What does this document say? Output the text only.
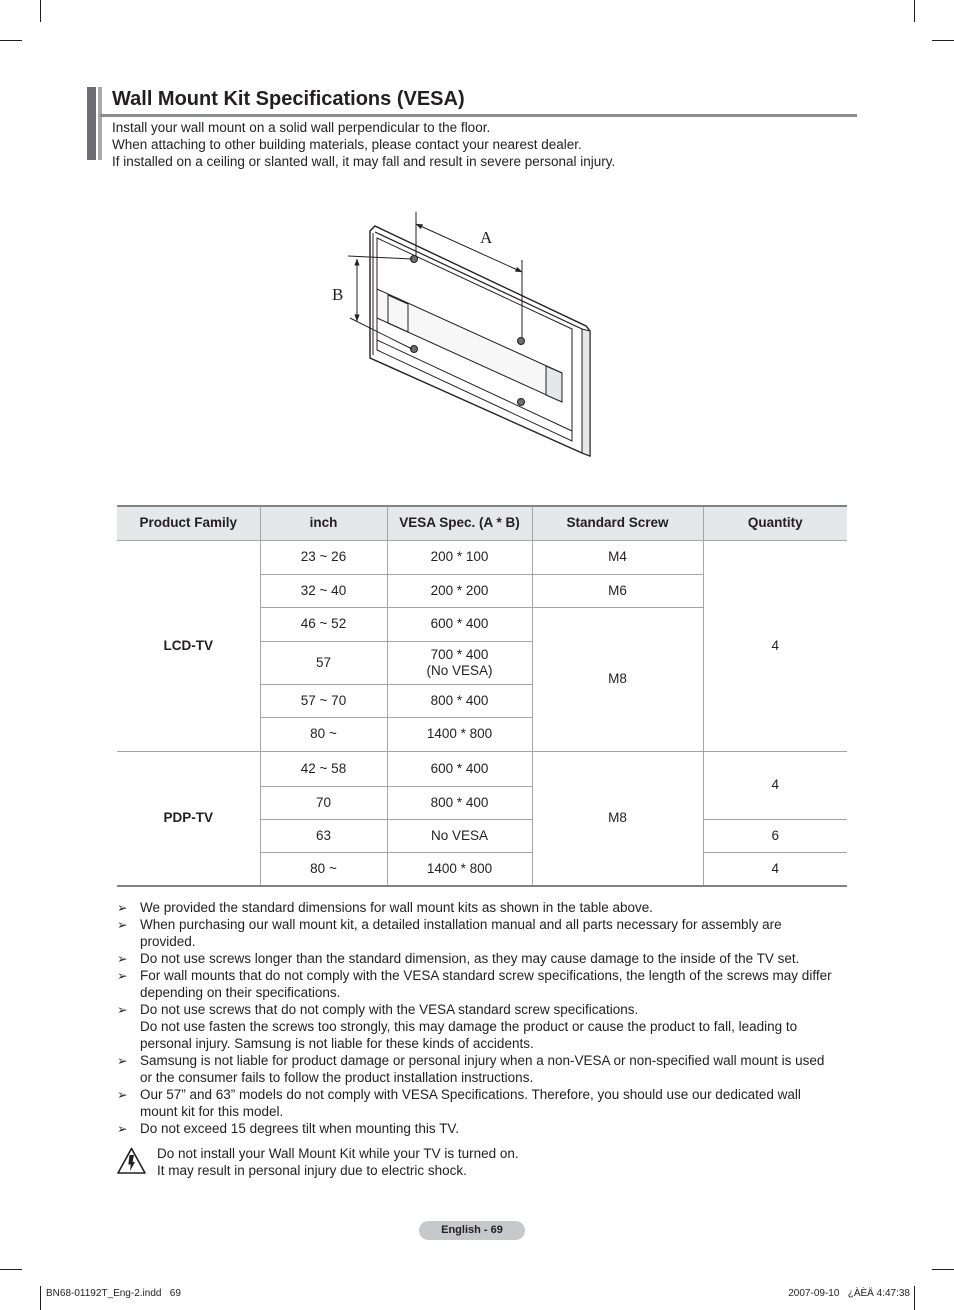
Wall Mount Kit Specifications (VESA)
Install your wall mount on a solid wall perpendicular to the floor.
When attaching to other building materials, please contact your nearest dealer.
If installed on a ceiling or slanted wall, it may fall and result in severe personal injury.
A
B
Product Family	inch	VESA Spec. (A * B)	Standard Screw	Quantity
LCD-TV	23 ~ 26	200 * 100	M4	4
	32 ~ 40	200 * 200	M6	
	46 ~ 52	600 * 400	M8	
	57	700 * 400
(No VESA)		

	57 ~ 70	800 * 400		
	80 ~	1400 * 800		
PDP-TV	42 ~ 58	600 * 400	M8	4
	70	800 * 400		
	63	No VESA		6
	80 ~	1400 * 800		4
➢ We provided the standard dimensions for wall mount kits as shown in the table above.
➢ When purchasing our wall mount kit, a detailed installation manual and all parts necessary for assembly are
provided.
➢ Do not use screws longer than the standard dimension, as they may cause damage to the inside of the TV set.
➢ For wall mounts that do not comply with the VESA standard screw specifications, the length of the screws may differ
depending on their specifications.
➢ Do not use screws that do not comply with the VESA standard screw specifications.
Do not use fasten the screws too strongly, this may damage the product or cause the product to fall, leading to
personal injury. Samsung is not liable for these kinds of accidents.
➢ Samsung is not liable for product damage or personal injury when a non-VESA or non-specified wall mount is used
or the consumer fails to follow the product installation instructions.
➢ Our 57” and 63” models do not comply with VESA Specifications. Therefore, you should use our dedicated wall
mount kit for this model.
➢ Do not exceed 15 degrees tilt when mounting this TV.
Do not install your Wall Mount Kit while your TV is turned on.
It may result in personal injury due to electric shock.
English - 69
BN68-01192T_Eng-2.indd   69	2007-09-10   ¿ÀÈÄ 4:47:38
